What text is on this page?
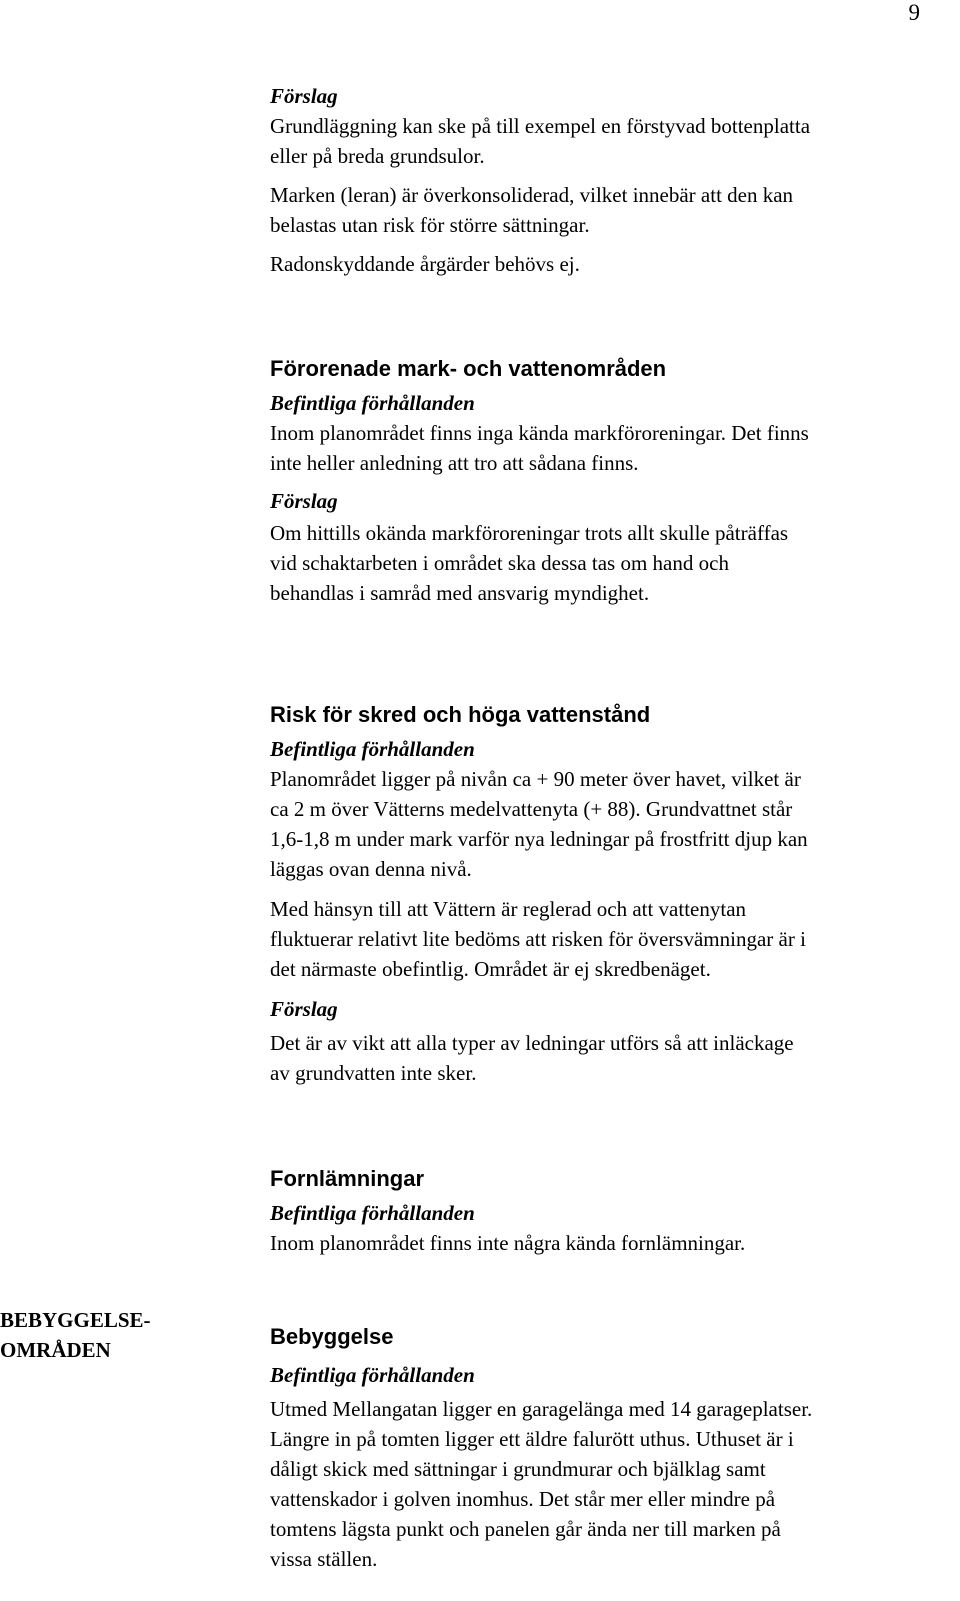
9

Förslag

Grundläggning kan ske på till exempel en förstyvad bottenplatta

eller på breda grundsulor.

Marken (leran) är överkonsoliderad, vilket innebär att den kan

belastas utan risk för större sättningar.

Radonskyddande årgärder behövs ej.

Förorenade mark- och vattenområden

Befintliga förhållanden

Inom planområdet finns inga kända markföroreningar. Det finns

inte heller anledning att tro att sådana finns.

Förslag

Om hittills okända markföroreningar trots allt skulle påträffas

vid schaktarbeten i området ska dessa tas om hand och

behandlas i samråd med ansvarig myndighet.

Risk för skred och höga vattenstånd

Befintliga förhållanden

Planområdet ligger på nivån ca + 90 meter över havet, vilket är

ca 2 m över Vätterns medelvattenyta (+ 88). Grundvattnet står

1,6-1,8 m under mark varför nya ledningar på frostfritt djup kan

läggas ovan denna nivå.

Med hänsyn till att Vättern är reglerad och att vattenytan

fluktuerar relativt lite bedöms att risken för översvämningar är i

det närmaste obefintlig. Området är ej skredbenäget.

Förslag

Det är av vikt att alla typer av ledningar utförs så att inläckage

av grundvatten inte sker.

Fornlämningar

Befintliga förhållanden

Inom planområdet finns inte några kända fornlämningar.

BEBYGGELSE-
OMRÅDEN

Bebyggelse

Befintliga förhållanden

Utmed Mellangatan ligger en garagelänga med 14 garageplatser.

Längre in på tomten ligger ett äldre falurött uthus. Uthuset är i

dåligt skick med sättningar i grundmurar och bjälklag samt

vattenskador i golven inomhus. Det står mer eller mindre på

tomtens lägsta punkt och panelen går ända ner till marken på

vissa ställen.
